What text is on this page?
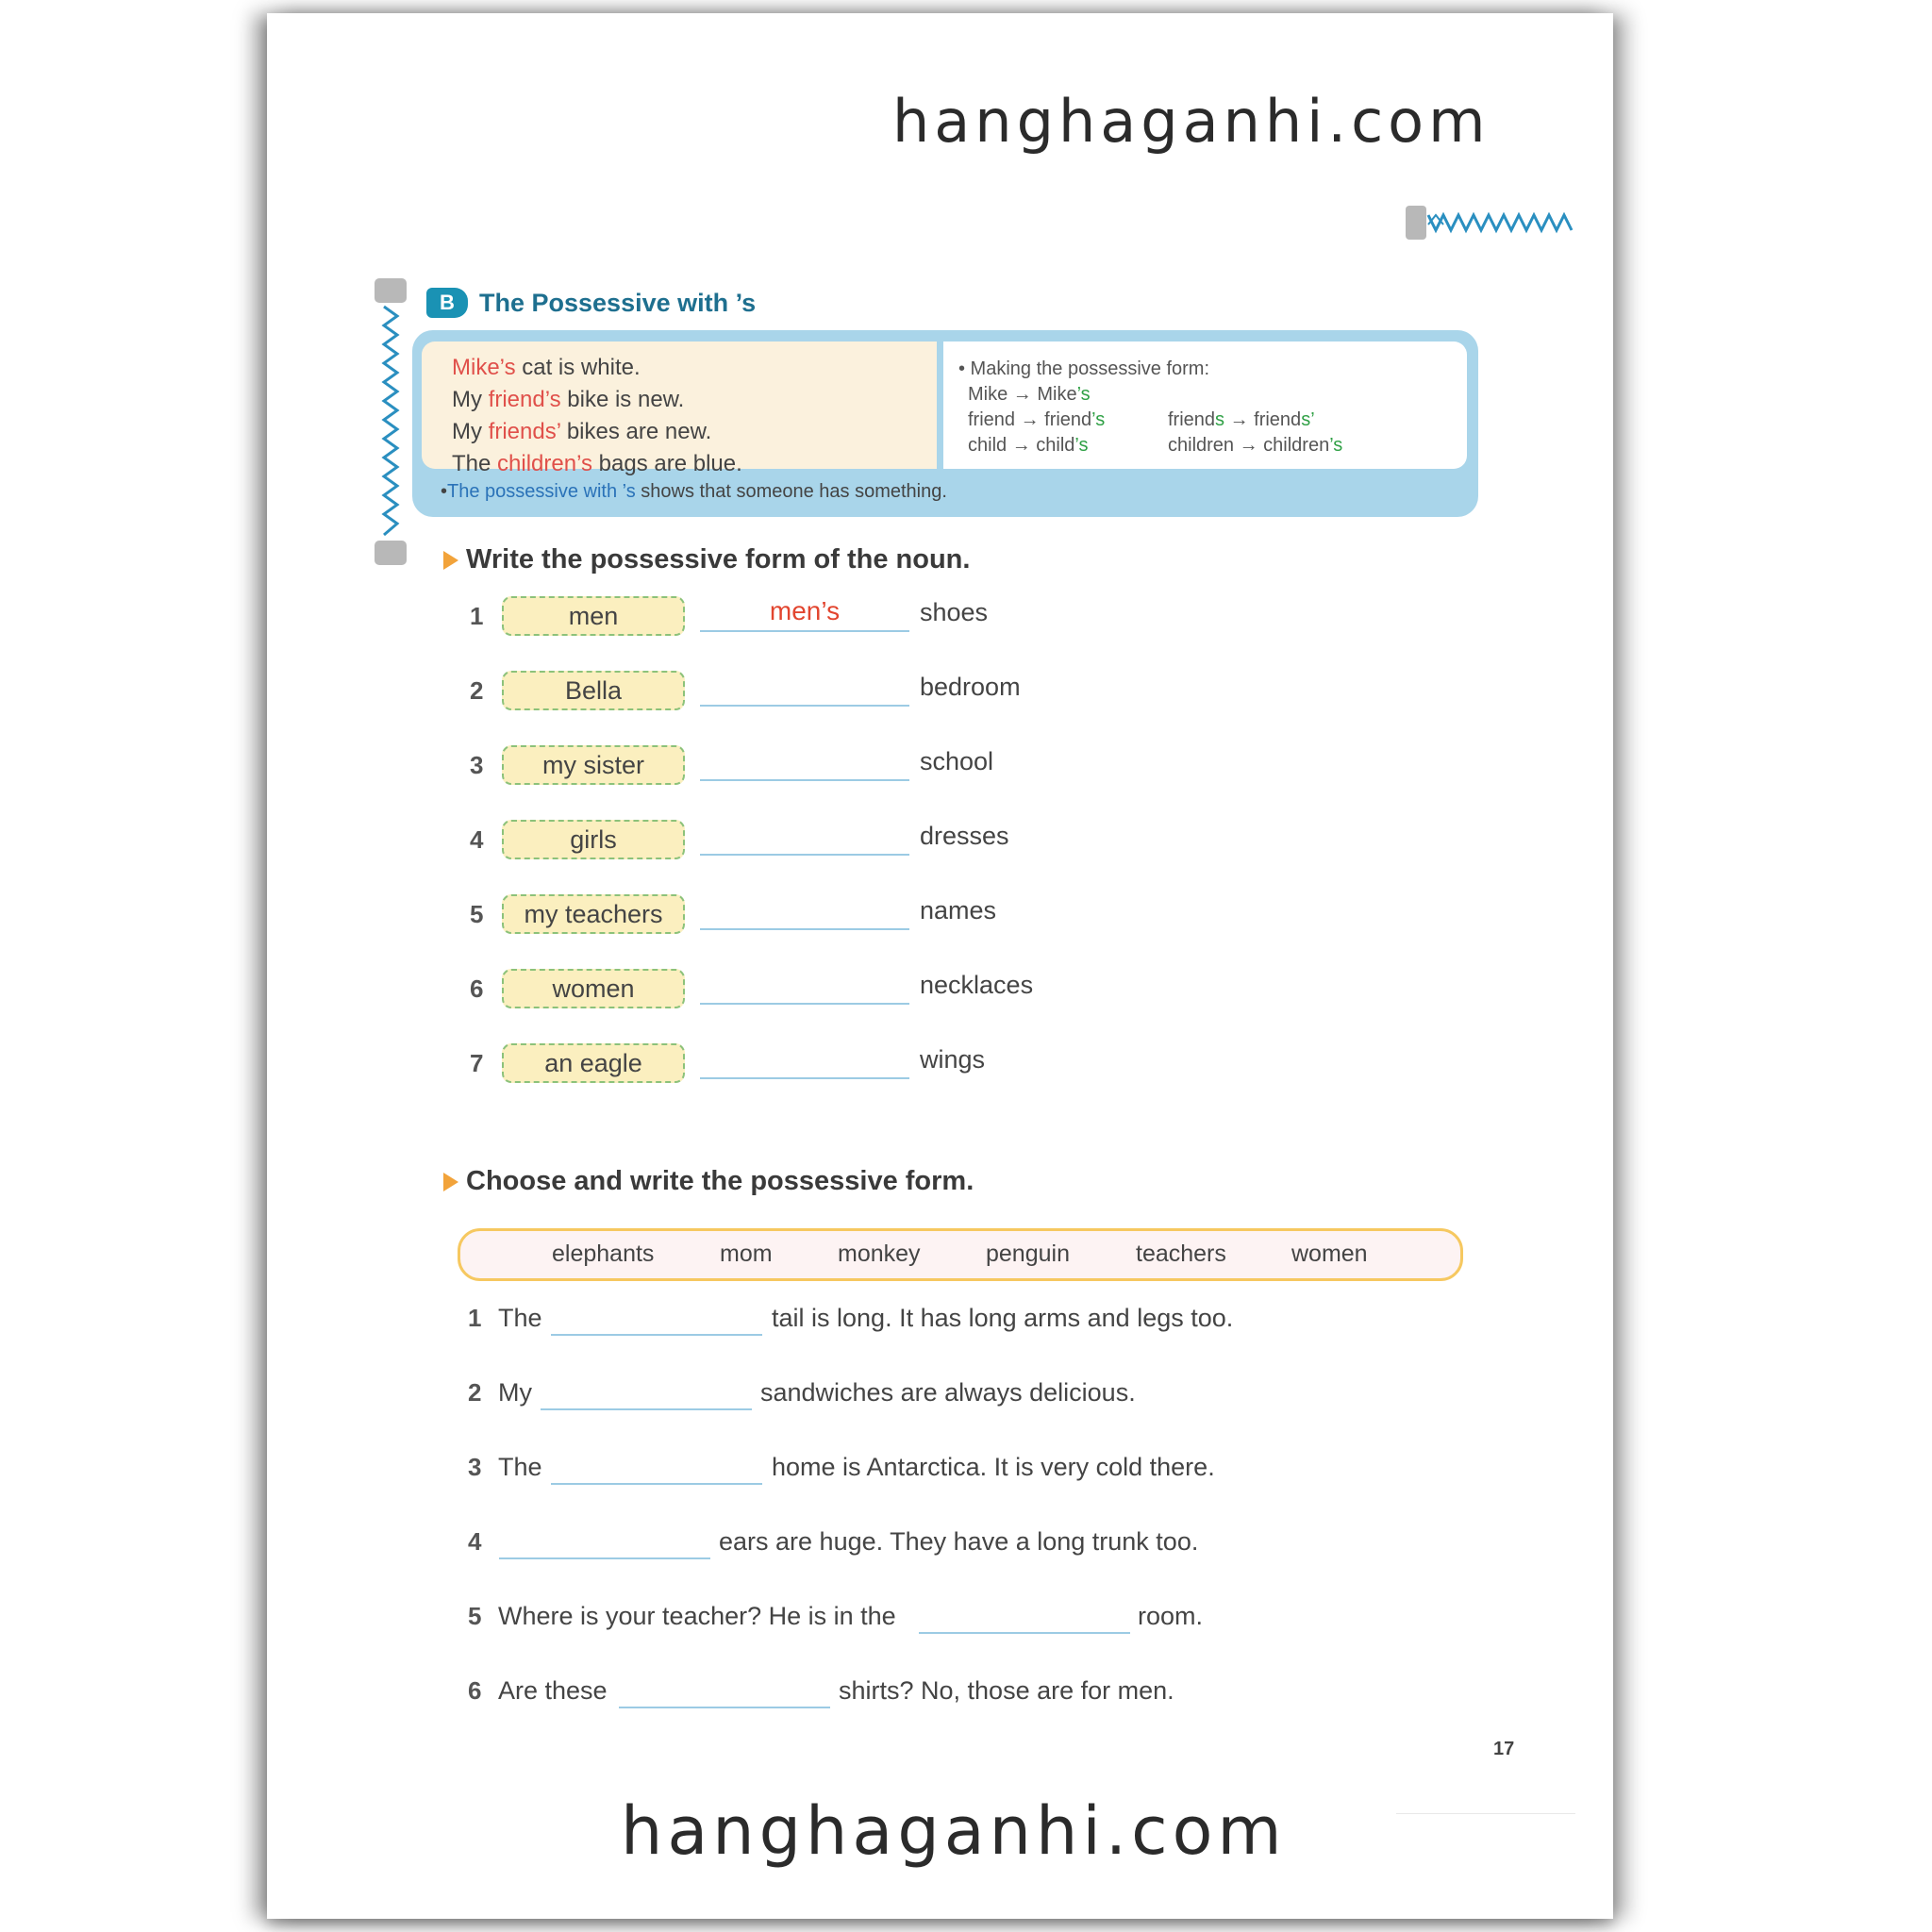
hanghaganhi.com
B The Possessive with ’s
Mike’s cat is white.
My friend’s bike is new.
My friends’ bikes are new.
The children’s bags are blue.
• Making the possessive form:
Mike → Mike’s
friend → friend’s
child → child’s
friends → friends’
children → children’s
•The possessive with ’s shows that someone has something.
Write the possessive form of the noun.
1	men	men’s	shoes
2	Bella	bedroom
3	my sister	school
4	girls	dresses
5	my teachers	names
6	women	necklaces
7	an eagle	wings
Choose and write the possessive form.
elephants	mom	monkey	penguin	teachers	women
1 The	tail is long. It has long arms and legs too.
2 My	sandwiches are always delicious.
3 The	home is Antarctica. It is very cold there.
4	ears are huge. They have a long trunk too.
5 Where is your teacher? He is in the	room.
6 Are these	shirts? No, those are for men.
17
hanghaganhi.com
